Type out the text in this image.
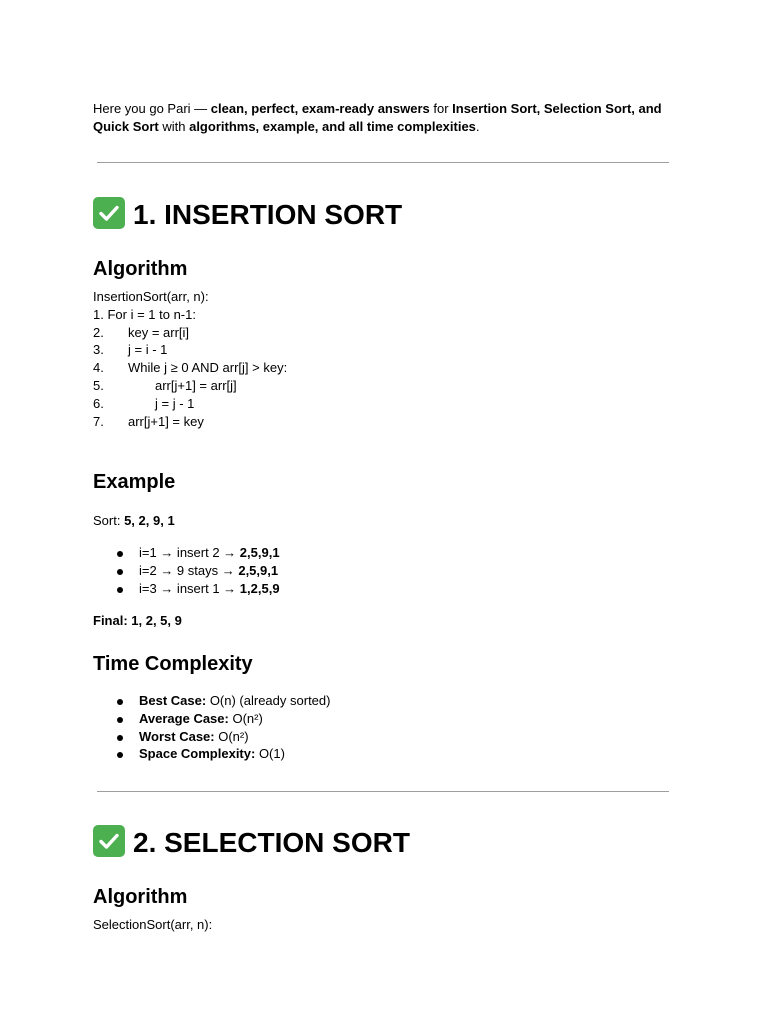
Here you go Pari — clean, perfect, exam-ready answers for Insertion Sort, Selection Sort, and Quick Sort with algorithms, example, and all time complexities.
1. INSERTION SORT
Algorithm
InsertionSort(arr, n):
1. For i = 1 to n-1:
2. key = arr[i]
3. j = i - 1
4. While j ≥ 0 AND arr[j] > key:
5.	arr[j+1] = arr[j]
6.	j = j - 1
7. arr[j+1] = key
Example
Sort: 5, 2, 9, 1
i=1 → insert 2 → 2,5,9,1
i=2 → 9 stays → 2,5,9,1
i=3 → insert 1 → 1,2,5,9
Final: 1, 2, 5, 9
Time Complexity
Best Case: O(n) (already sorted)
Average Case: O(n²)
Worst Case: O(n²)
Space Complexity: O(1)
2. SELECTION SORT
Algorithm
SelectionSort(arr, n):
